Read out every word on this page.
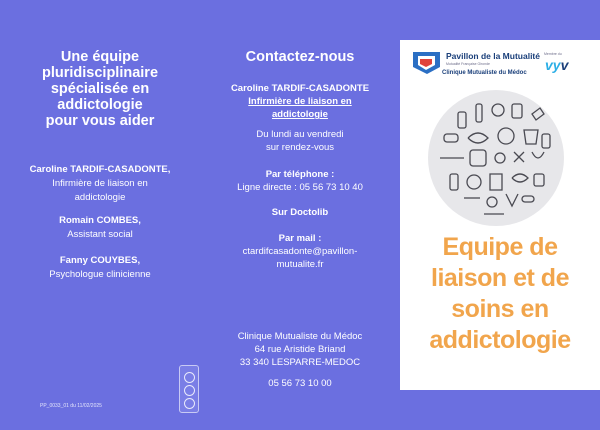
Une équipe
pluridisciplinaire
spécialisée en
addictologie
pour vous aider
Caroline TARDIF-CASADONTE,
Infirmière de liaison en
addictologie
Romain COMBES,
Assistant social
Fanny COUYBES,
Psychologue clinicienne
PP_0033_01 du 11/02/2025
Contactez-nous
Caroline TARDIF-CASADONTE
Infirmière de liaison en
addictologie
Du lundi au vendredi
sur rendez-vous
Par téléphone :
Ligne directe : 05 56 73 10 40
Sur Doctolib
Par mail :
ctardifcasadonte@pavillon-
mutualite.fr
Clinique Mutualiste du Médoc
64 rue Aristide Briand
33 340 LESPARRE-MEDOC
05 56 73 10 00
Pavillon de la Mutualité
Mutualité Française Gironde
Clinique Mutualiste du Médoc
Membre du
vyv
Equipe de
liaison et de
soins en
addictologie
